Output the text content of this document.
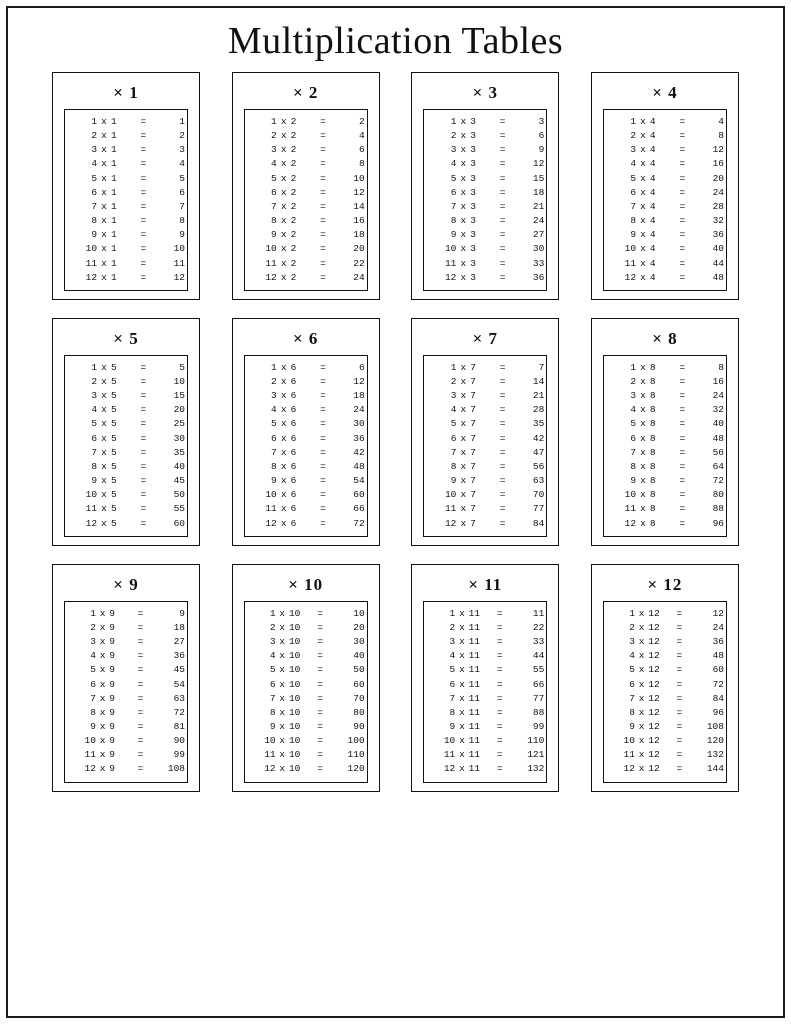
Multiplication Tables
× 1
1	x	1	=	1
2	x	1	=	2
3	x	1	=	3
4	x	1	=	4
5	x	1	=	5
6	x	1	=	6
7	x	1	=	7
8	x	1	=	8
9	x	1	=	9
10	x	1	=	10
11	x	1	=	11
12	x	1	=	12
× 2
1	x	2	=	2
2	x	2	=	4
3	x	2	=	6
4	x	2	=	8
5	x	2	=	10
6	x	2	=	12
7	x	2	=	14
8	x	2	=	16
9	x	2	=	18
10	x	2	=	20
11	x	2	=	22
12	x	2	=	24
× 3
1	x	3	=	3
2	x	3	=	6
3	x	3	=	9
4	x	3	=	12
5	x	3	=	15
6	x	3	=	18
7	x	3	=	21
8	x	3	=	24
9	x	3	=	27
10	x	3	=	30
11	x	3	=	33
12	x	3	=	36
× 4
1	x	4	=	4
2	x	4	=	8
3	x	4	=	12
4	x	4	=	16
5	x	4	=	20
6	x	4	=	24
7	x	4	=	28
8	x	4	=	32
9	x	4	=	36
10	x	4	=	40
11	x	4	=	44
12	x	4	=	48
× 5
1	x	5	=	5
2	x	5	=	10
3	x	5	=	15
4	x	5	=	20
5	x	5	=	25
6	x	5	=	30
7	x	5	=	35
8	x	5	=	40
9	x	5	=	45
10	x	5	=	50
11	x	5	=	55
12	x	5	=	60
× 6
1	x	6	=	6
2	x	6	=	12
3	x	6	=	18
4	x	6	=	24
5	x	6	=	30
6	x	6	=	36
7	x	6	=	42
8	x	6	=	48
9	x	6	=	54
10	x	6	=	60
11	x	6	=	66
12	x	6	=	72
× 7
1	x	7	=	7
2	x	7	=	14
3	x	7	=	21
4	x	7	=	28
5	x	7	=	35
6	x	7	=	42
7	x	7	=	47
8	x	7	=	56
9	x	7	=	63
10	x	7	=	70
11	x	7	=	77
12	x	7	=	84
× 8
1	x	8	=	8
2	x	8	=	16
3	x	8	=	24
4	x	8	=	32
5	x	8	=	40
6	x	8	=	48
7	x	8	=	56
8	x	8	=	64
9	x	8	=	72
10	x	8	=	80
11	x	8	=	88
12	x	8	=	96
× 9
1	x	9	=	9
2	x	9	=	18
3	x	9	=	27
4	x	9	=	36
5	x	9	=	45
6	x	9	=	54
7	x	9	=	63
8	x	9	=	72
9	x	9	=	81
10	x	9	=	90
11	x	9	=	99
12	x	9	=	108
× 10
1	x	10	=	10
2	x	10	=	20
3	x	10	=	30
4	x	10	=	40
5	x	10	=	50
6	x	10	=	60
7	x	10	=	70
8	x	10	=	80
9	x	10	=	90
10	x	10	=	100
11	x	10	=	110
12	x	10	=	120
× 11
1	x	11	=	11
2	x	11	=	22
3	x	11	=	33
4	x	11	=	44
5	x	11	=	55
6	x	11	=	66
7	x	11	=	77
8	x	11	=	88
9	x	11	=	99
10	x	11	=	110
11	x	11	=	121
12	x	11	=	132
× 12
1	x	12	=	12
2	x	12	=	24
3	x	12	=	36
4	x	12	=	48
5	x	12	=	60
6	x	12	=	72
7	x	12	=	84
8	x	12	=	96
9	x	12	=	108
10	x	12	=	120
11	x	12	=	132
12	x	12	=	144
